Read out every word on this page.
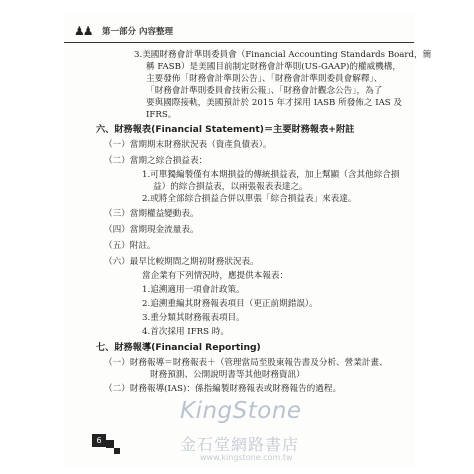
♟♟ 第一部分 內容整理
3.美國財務會計準則委員會（Financial Accounting Standards Board，簡
稱 FASB）是美國目前制定財務會計準則(US-GAAP)的權威機構，
主要發佈「財務會計準則公告」、「財務會計準則委員會解釋」、
「財務會計準則委員會技術公報」、「財務會計觀念公告」，為了
要與國際接軌，美國預計於 2015 年才採用 IASB 所發佈之 IAS 及
IFRS。
六、財務報表(Financial Statement)＝主要財務報表+附註
（一）當期期末財務狀況表（資產負債表）。
（二）當期之綜合損益表：
1.可單獨編製僅有本期損益的傳統損益表，加上幫顯（含其他綜合損
益）的綜合損益表，以兩張報表表達之。
2.或將全部綜合損益合併以單張「綜合損益表」來表達。
（三）當期權益變動表。
（四）當期現金流量表。
（五）附註。
（六）最早比較期間之期初財務狀況表。
當企業有下列情況時，應提供本報表：
1.追溯適用一項會計政策。
2.追溯重編其財務報表項目（更正前期錯誤）。
3.重分類其財務報表項目。
4.首次採用 IFRS 時。
七、財務報導(Financial Reporting)
（一）財務報導＝財務報表＋（管理當局至股東報告書及分析、營業計畫、
財務預測、公開說明書等其他財務資訊）
（二）財務報導(IAS)：係指編製財務報表或財務報告的過程。
6
KingStone
金石堂網路書店
www.kingstone.com.tw
